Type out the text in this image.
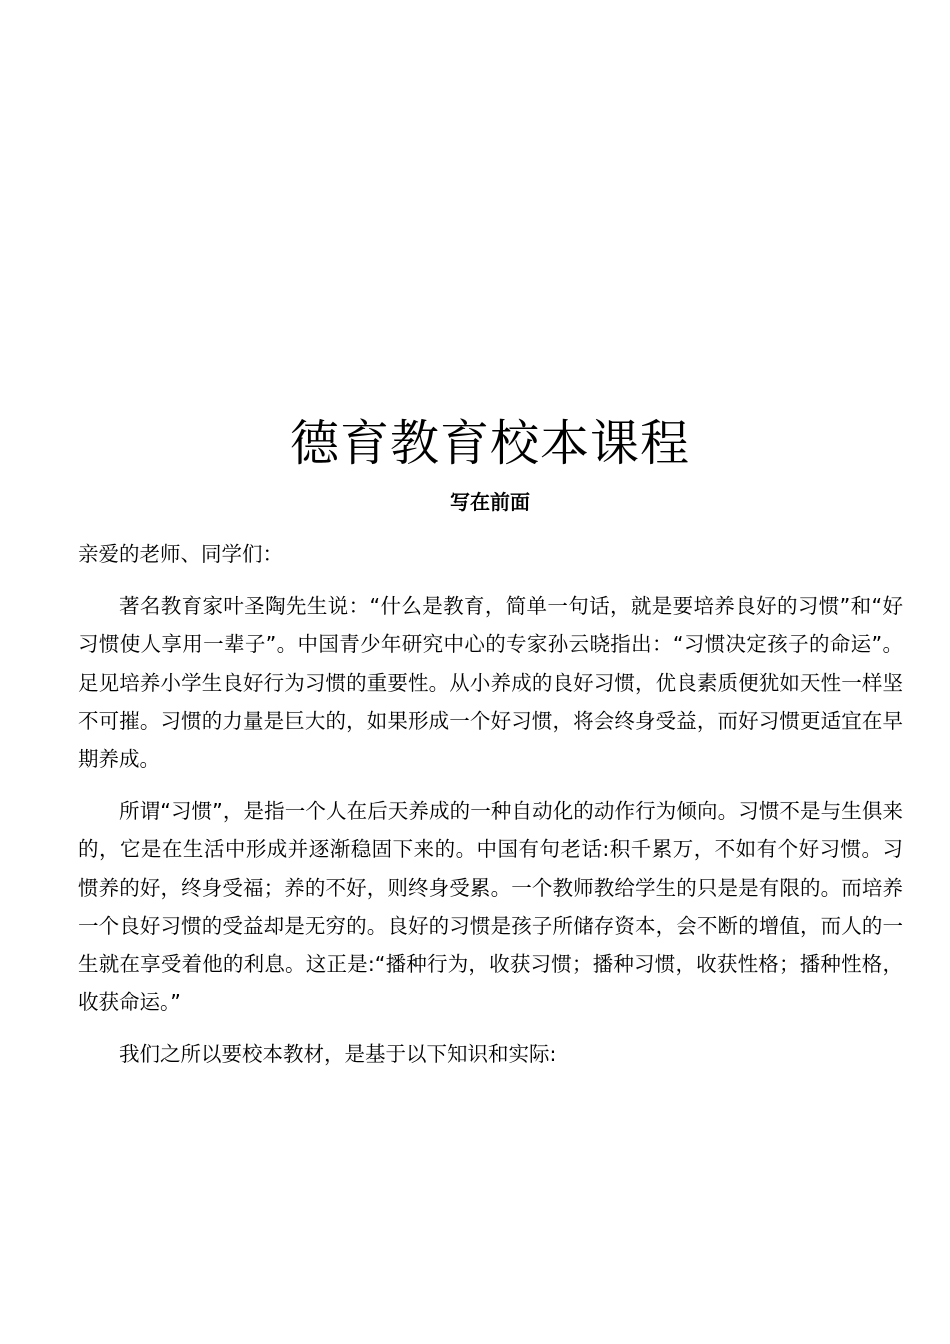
德育教育校本课程
写在前面

亲爱的老师、同学们：

著名教育家叶圣陶先生说：“什么是教育，简单一句话，就是要培养良好的习惯”和“好习惯使人享用一辈子”。中国青少年研究中心的专家孙云晓指出：“习惯决定孩子的命运”。足见培养小学生良好行为习惯的重要性。从小养成的良好习惯，优良素质便犹如天性一样坚不可摧。习惯的力量是巨大的，如果形成一个好习惯，将会终身受益，而好习惯更适宜在早期养成。

所谓“习惯”，是指一个人在后天养成的一种自动化的动作行为倾向。习惯不是与生俱来的，它是在生活中形成并逐渐稳固下来的。中国有句老话:积千累万，不如有个好习惯。习惯养的好，终身受福；养的不好，则终身受累。一个教师教给学生的只是是有限的。而培养一个良好习惯的受益却是无穷的。良好的习惯是孩子所储存资本，会不断的增值，而人的一生就在享受着他的利息。这正是:“播种行为，收获习惯；播种习惯，收获性格；播种性格，收获命运。”

我们之所以要校本教材，是基于以下知识和实际:
